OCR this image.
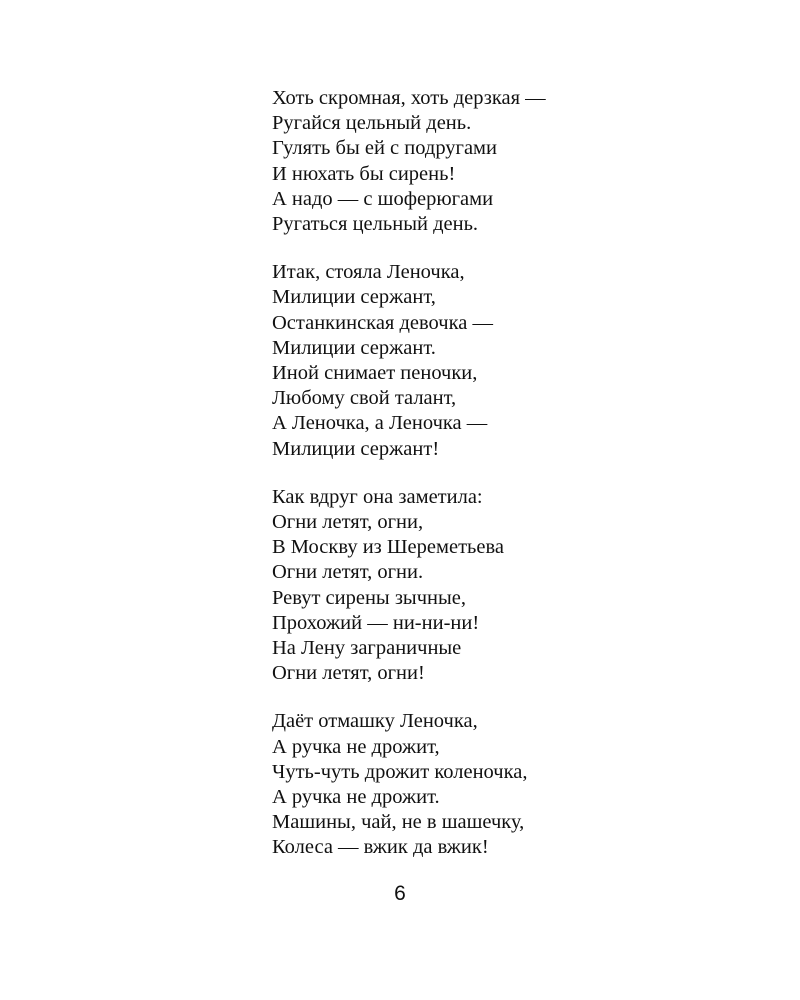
Хоть скромная, хоть дерзкая —
Ругайся цельный день.
Гулять бы ей с подругами
И нюхать бы сирень!
А надо — с шоферюгами
Ругаться цельный день.
Итак, стояла Леночка,
Милиции сержант,
Останкинская девочка —
Милиции сержант.
Иной снимает пеночки,
Любому свой талант,
А Леночка, а Леночка —
Милиции сержант!
Как вдруг она заметила:
Огни летят, огни,
В Москву из Шереметьева
Огни летят, огни.
Ревут сирены зычные,
Прохожий — ни-ни-ни!
На Лену заграничные
Огни летят, огни!
Даёт отмашку Леночка,
А ручка не дрожит,
Чуть-чуть дрожит коленочка,
А ручка не дрожит.
Машины, чай, не в шашечку,
Колеса — вжик да вжик!
6
